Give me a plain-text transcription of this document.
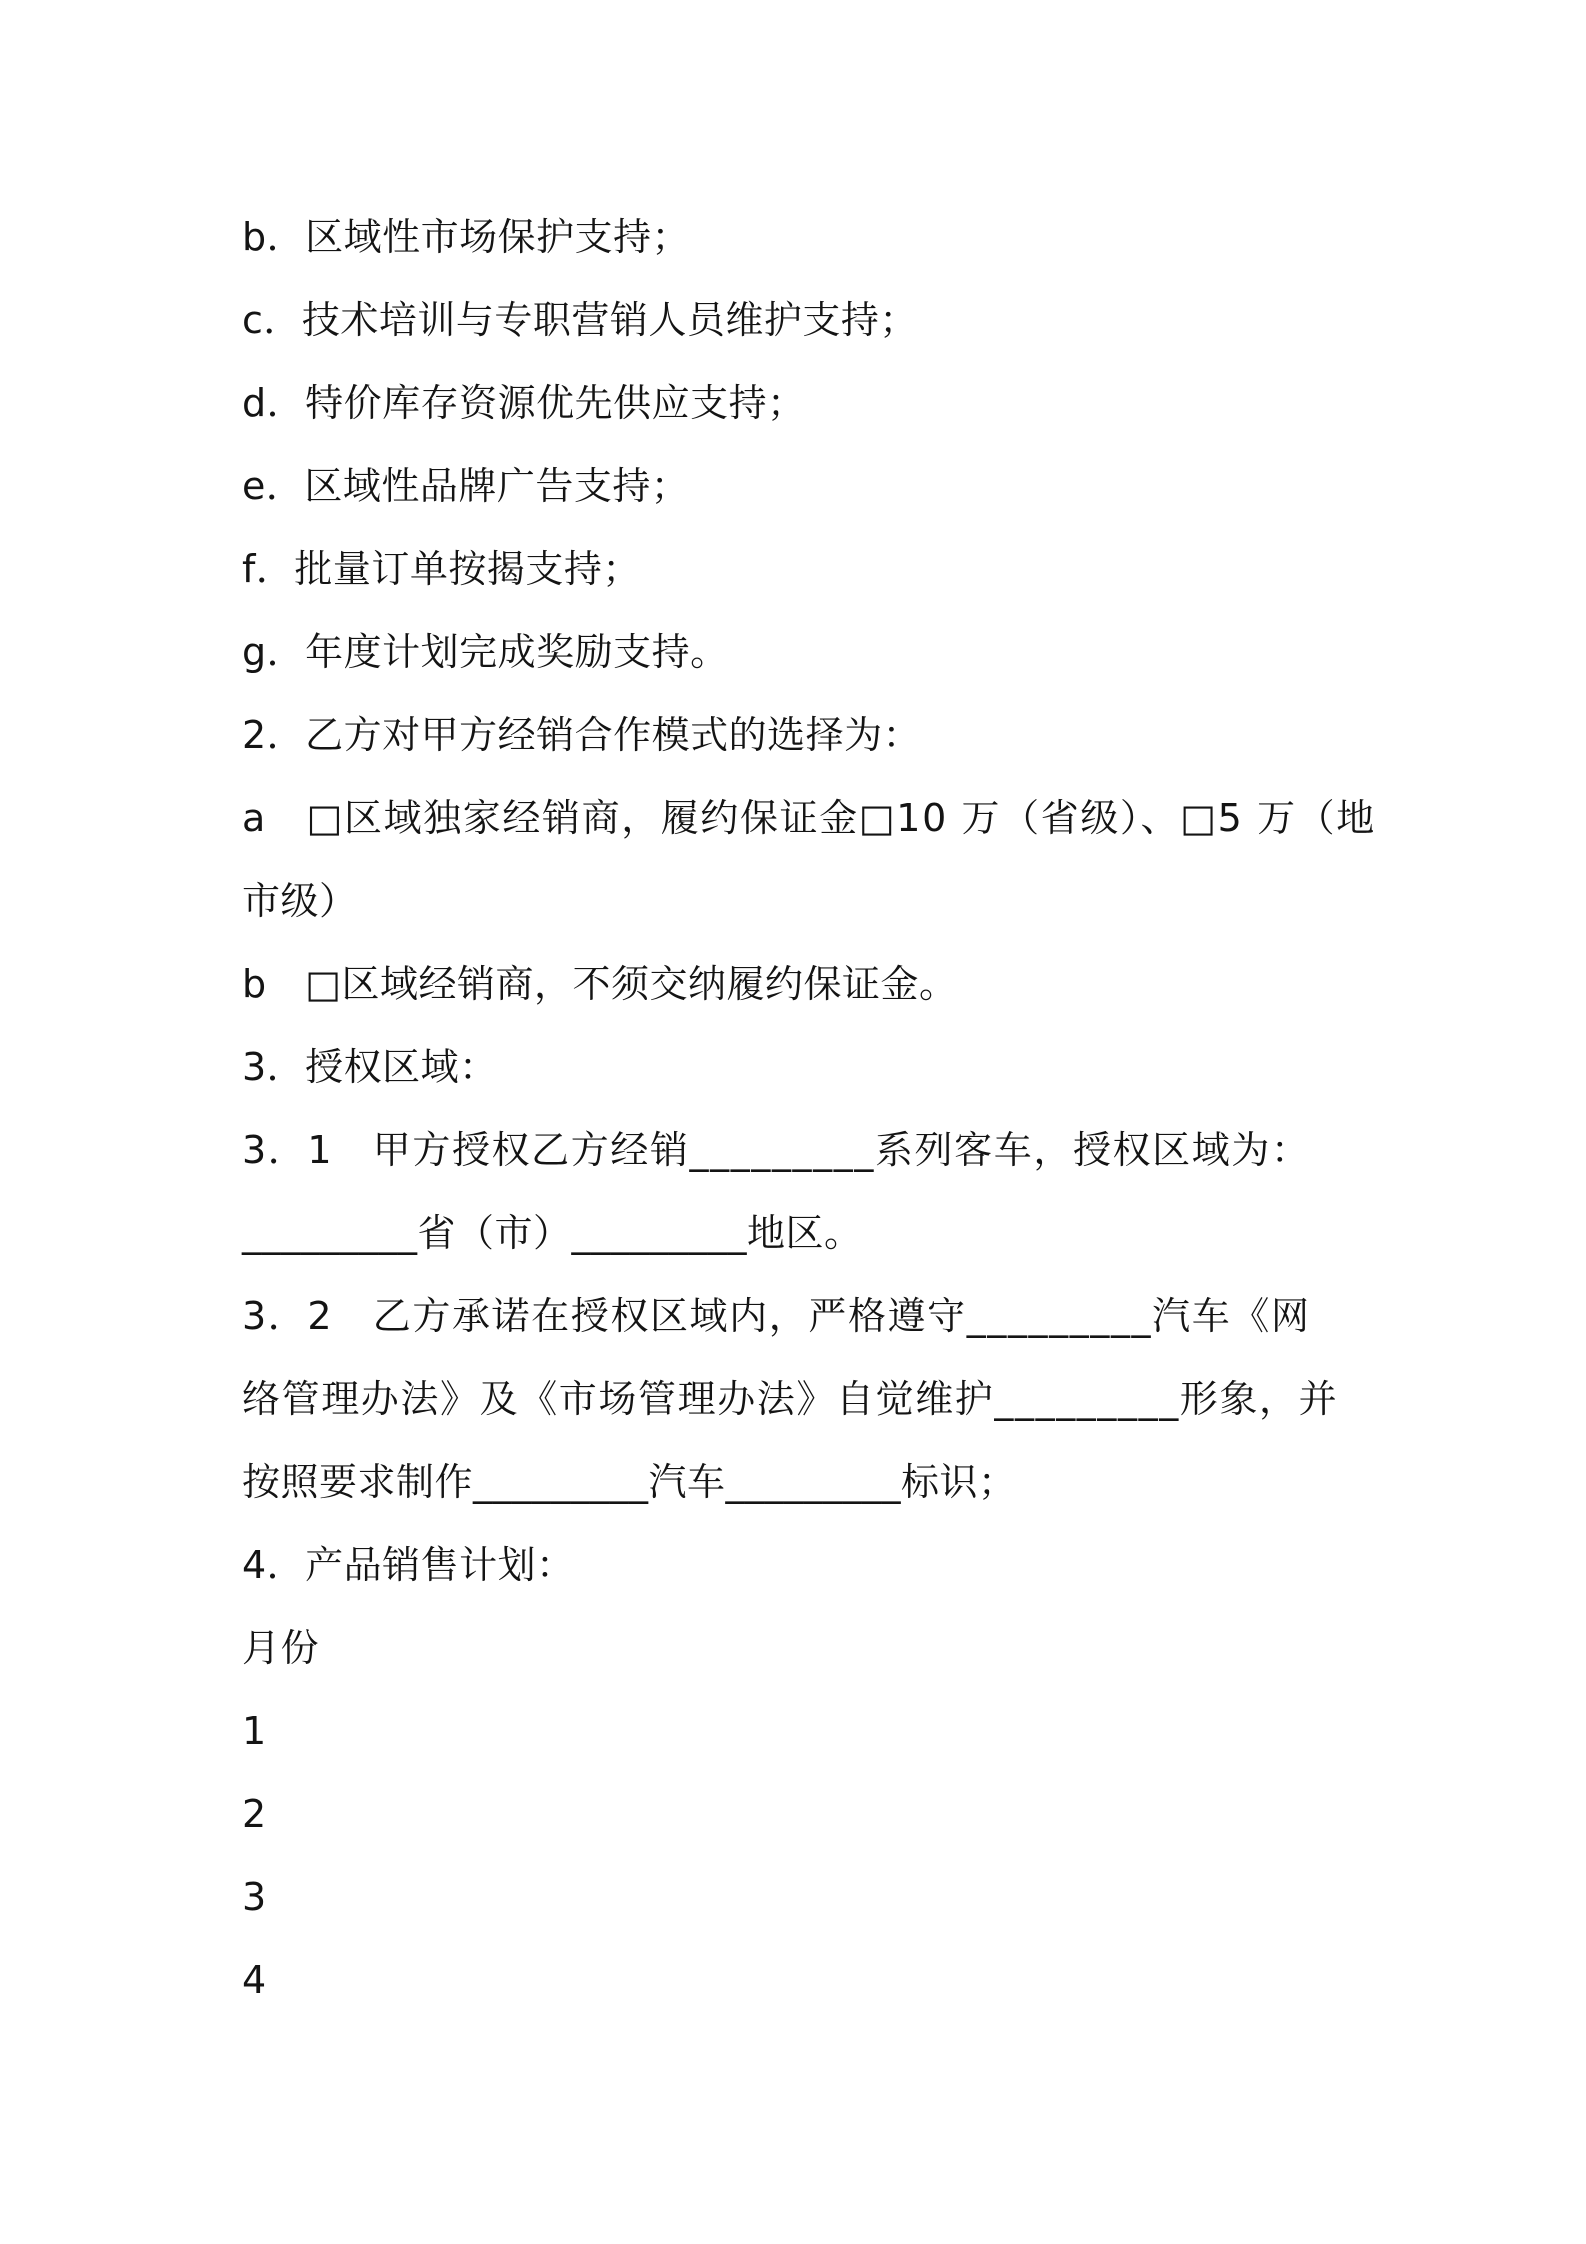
b．区域性市场保护支持；
c．技术培训与专职营销人员维护支持；
d．特价库存资源优先供应支持；
e．区域性品牌广告支持；
f．批量订单按揭支持；
g．年度计划完成奖励支持。
2．乙方对甲方经销合作模式的选择为：
a　□区域独家经销商，履约保证金□10 万（省级）、□5 万（地
市级）
b　□区域经销商，不须交纳履约保证金。
3．授权区域：
3．1　甲方授权乙方经销_________系列客车，授权区域为：
_________省（市）_________地区。
3．2　乙方承诺在授权区域内，严格遵守_________汽车《网
络管理办法》及《市场管理办法》自觉维护_________形象，并
按照要求制作_________汽车_________标识；
4．产品销售计划：
月份
1
2
3
4
